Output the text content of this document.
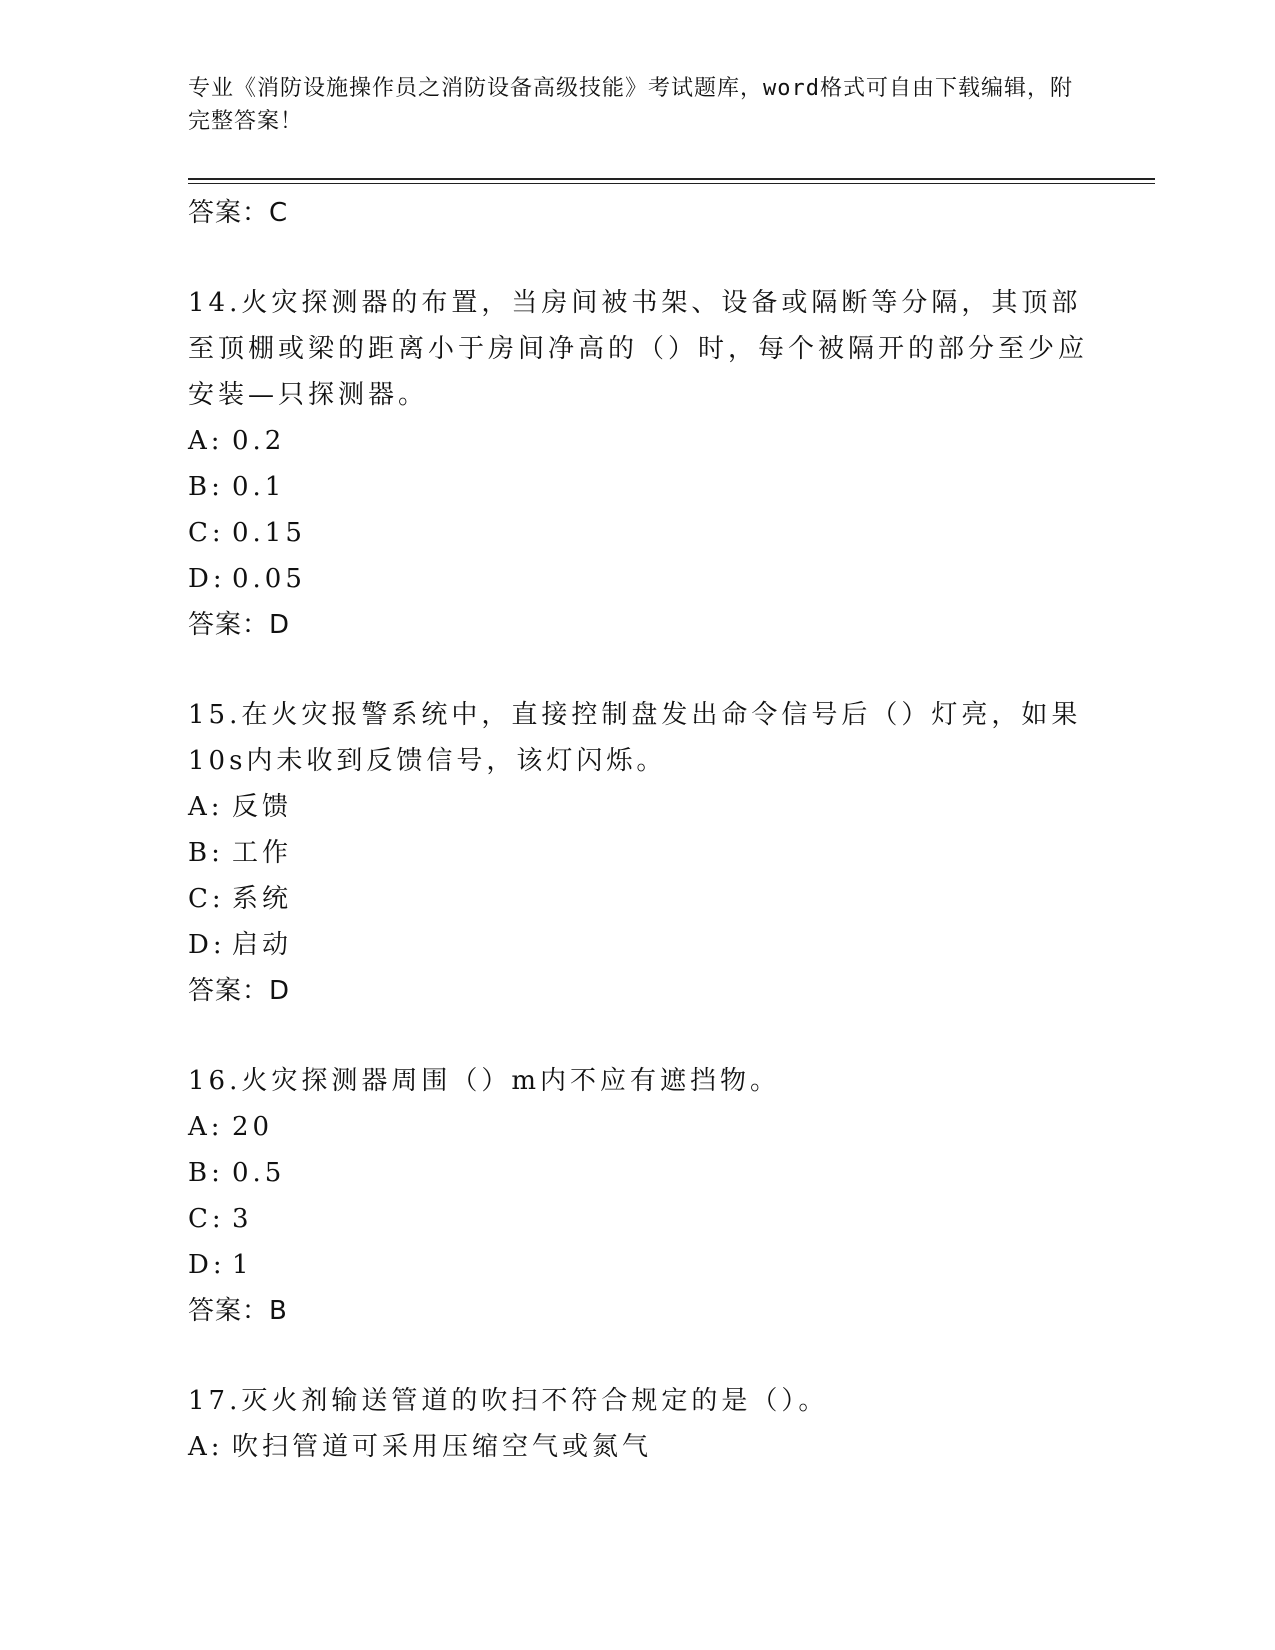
专业《消防设施操作员之消防设备高级技能》考试题库，word格式可自由下载编辑，附完整答案！
答案：C
14.火灾探测器的布置，当房间被书架、设备或隔断等分隔，其顶部至顶棚或梁的距离小于房间净高的（）时，每个被隔开的部分至少应安装—只探测器。
A: 0.2
B: 0.1
C: 0.15
D: 0.05
答案：D
15.在火灾报警系统中，直接控制盘发出命令信号后（）灯亮，如果10s内未收到反馈信号，该灯闪烁。
A: 反馈
B: 工作
C: 系统
D: 启动
答案：D
16.火灾探测器周围（）m内不应有遮挡物。
A: 20
B: 0.5
C: 3
D: 1
答案：B
17.灭火剂输送管道的吹扫不符合规定的是（）。
A: 吹扫管道可采用压缩空气或氮气
